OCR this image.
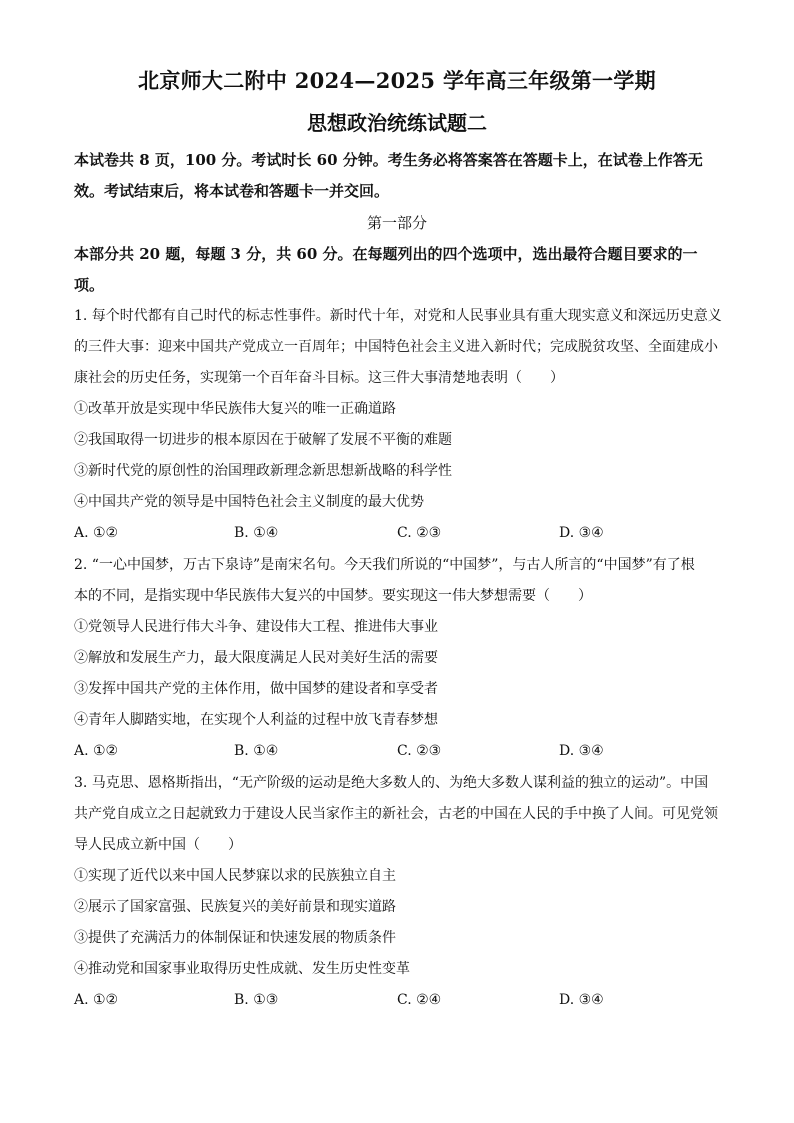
北京师大二附中 2024—2025 学年高三年级第一学期
思想政治统练试题二
本试卷共 8 页，100 分。考试时长 60 分钟。考生务必将答案答在答题卡上，在试卷上作答无
效。考试结束后，将本试卷和答题卡一并交回。
第一部分
本部分共 20 题，每题 3 分，共 60 分。在每题列出的四个选项中，选出最符合题目要求的一
项。
1. 每个时代都有自己时代的标志性事件。新时代十年，对党和人民事业具有重大现实意义和深远历史意义
的三件大事：迎来中国共产党成立一百周年；中国特色社会主义进入新时代；完成脱贫攻坚、全面建成小
康社会的历史任务，实现第一个百年奋斗目标。这三件大事清楚地表明（　　）
①改革开放是实现中华民族伟大复兴的唯一正确道路
②我国取得一切进步的根本原因在于破解了发展不平衡的难题
③新时代党的原创性的治国理政新理念新思想新战略的科学性
④中国共产党的领导是中国特色社会主义制度的最大优势
A. ①②	B. ①④	C. ②③	D. ③④
2. “一心中国梦，万古下泉诗”是南宋名句。今天我们所说的“中国梦”，与古人所言的“中国梦”有了根
本的不同，是指实现中华民族伟大复兴的中国梦。要实现这一伟大梦想需要（　　）
①党领导人民进行伟大斗争、建设伟大工程、推进伟大事业
②解放和发展生产力，最大限度满足人民对美好生活的需要
③发挥中国共产党的主体作用，做中国梦的建设者和享受者
④青年人脚踏实地，在实现个人利益的过程中放飞青春梦想
A. ①②	B. ①④	C. ②③	D. ③④
3. 马克思、恩格斯指出，“无产阶级的运动是绝大多数人的、为绝大多数人谋利益的独立的运动”。中国
共产党自成立之日起就致力于建设人民当家作主的新社会，古老的中国在人民的手中换了人间。可见党领
导人民成立新中国（　　）
①实现了近代以来中国人民梦寐以求的民族独立自主
②展示了国家富强、民族复兴的美好前景和现实道路
③提供了充满活力的体制保证和快速发展的物质条件
④推动党和国家事业取得历史性成就、发生历史性变革
A. ①②	B. ①③	C. ②④	D. ③④
